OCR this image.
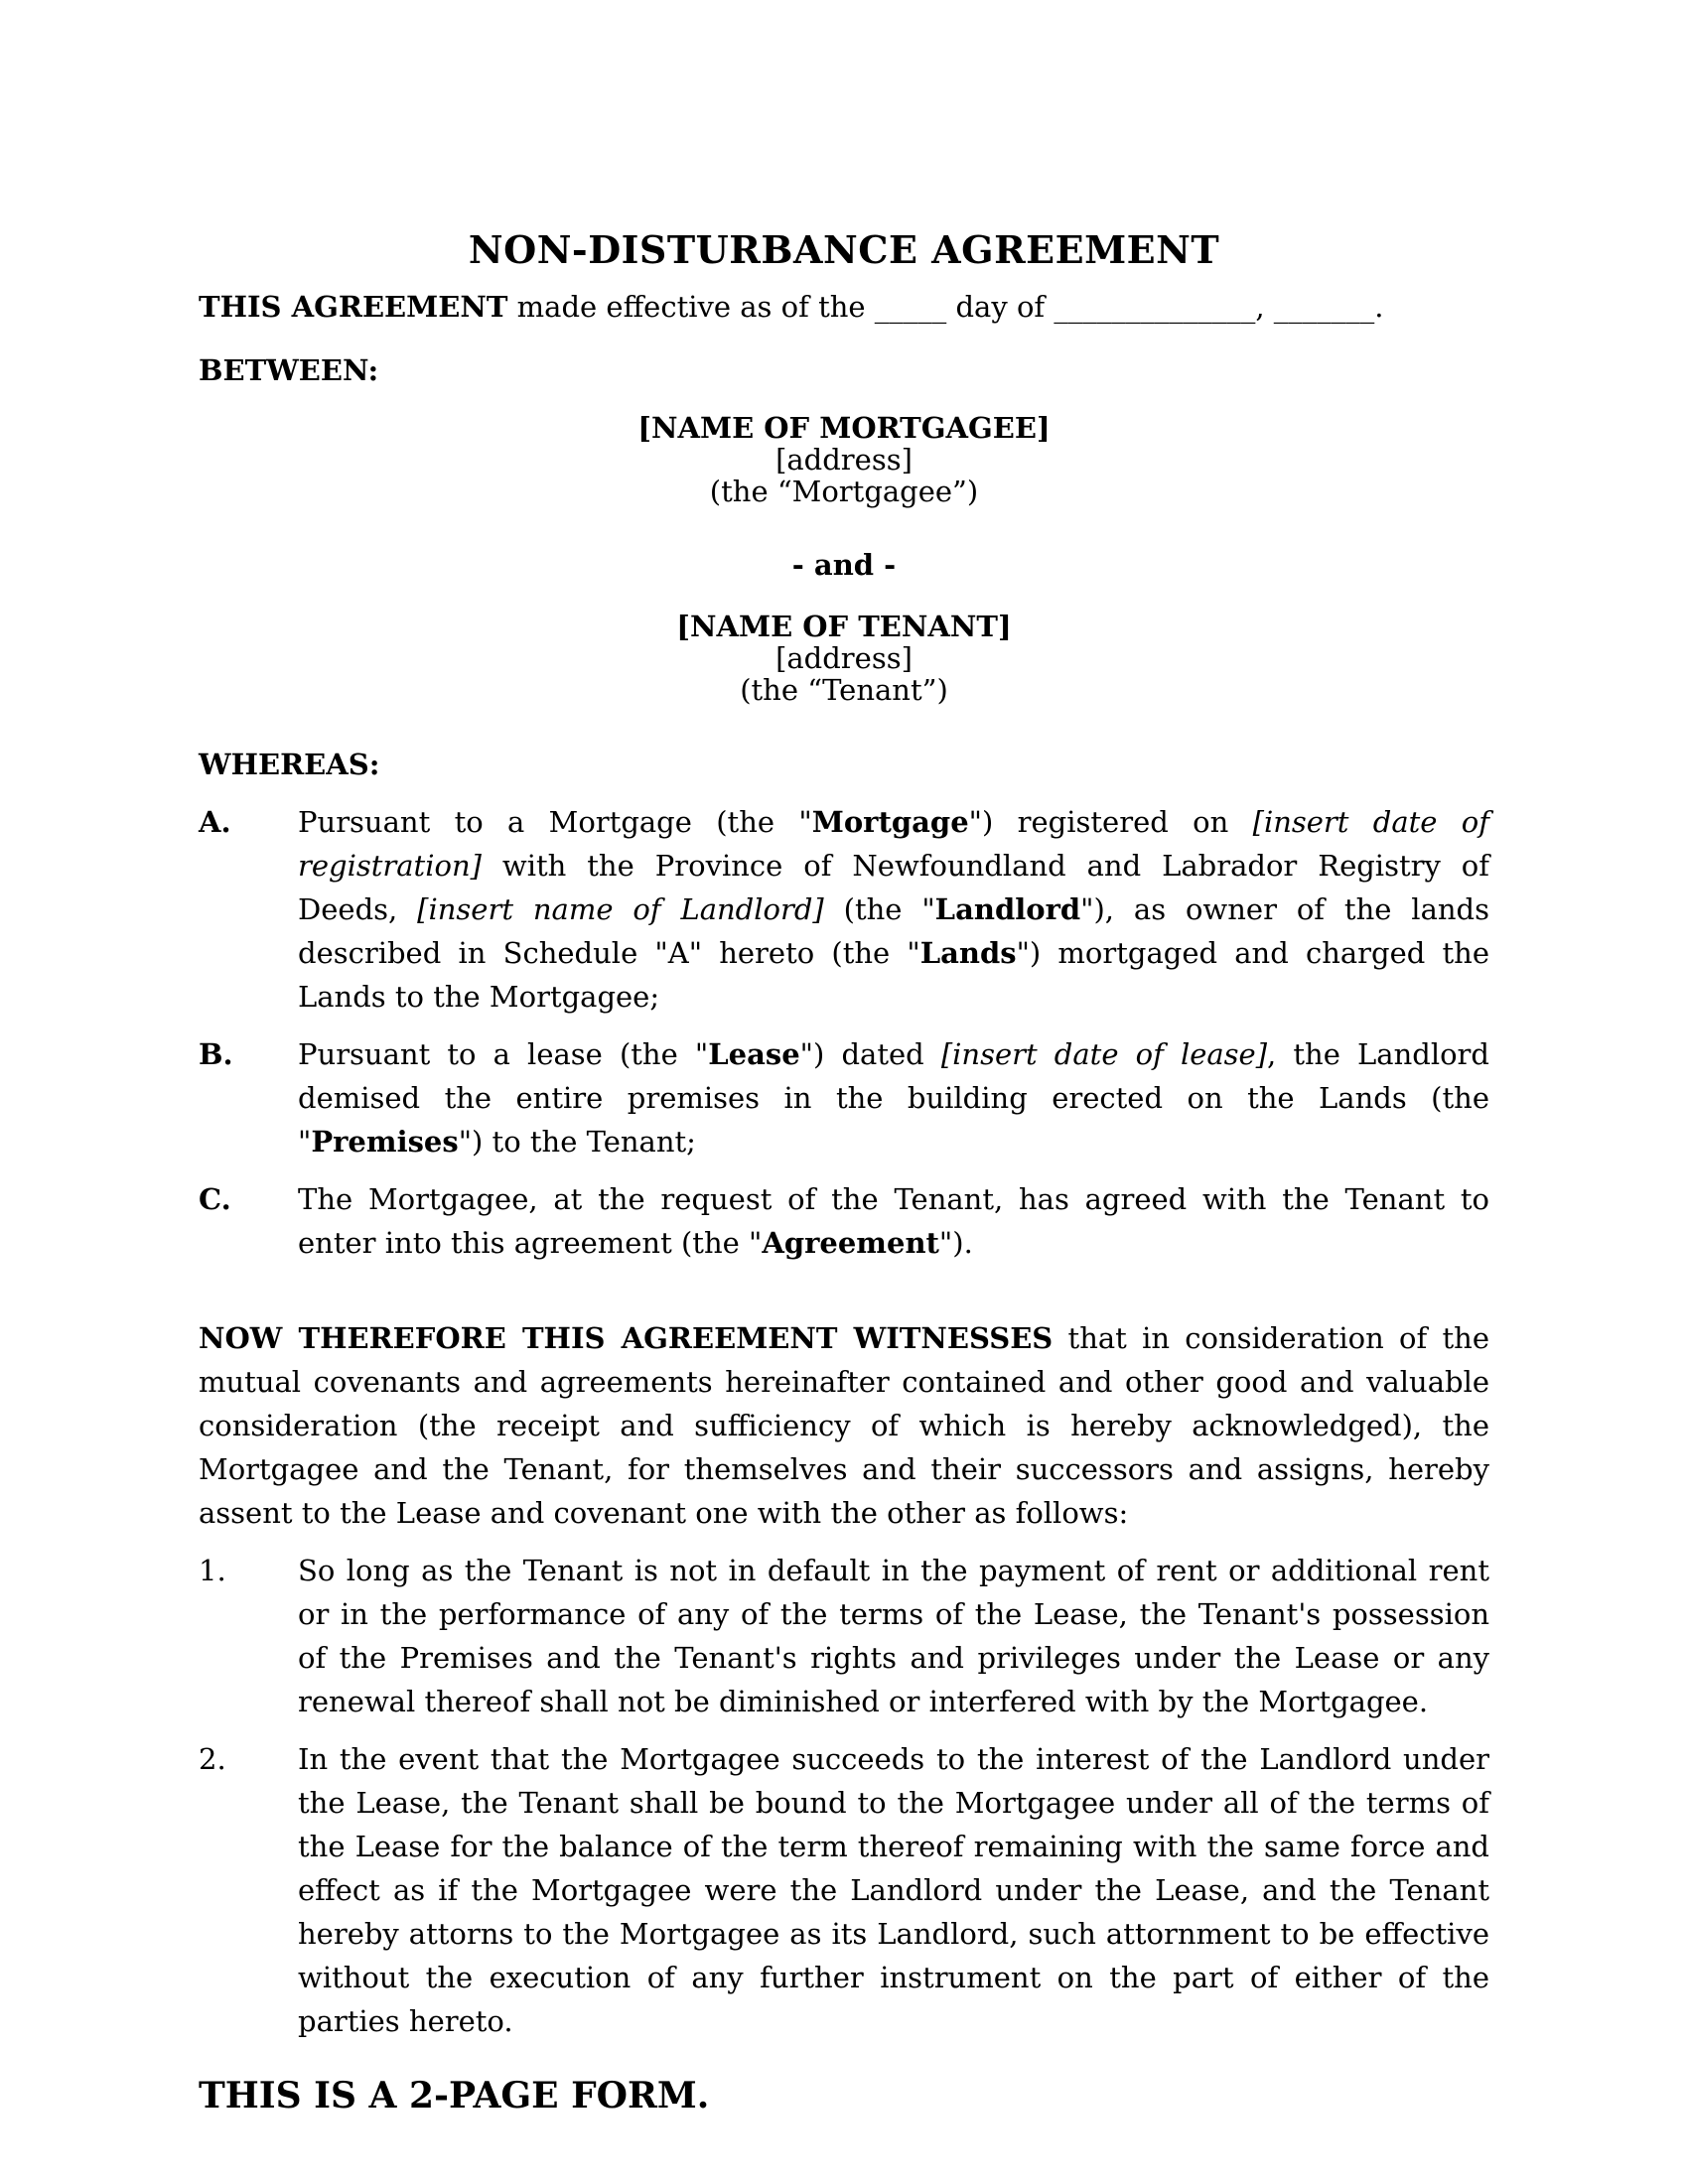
NON-DISTURBANCE AGREEMENT

THIS AGREEMENT made effective as of the _____ day of ______________, _______.

BETWEEN:

[NAME OF MORTGAGEE]
[address]
(the “Mortgagee”)
- and -
[NAME OF TENANT]
[address]
(the “Tenant”)

WHEREAS:

A.	Pursuant to a Mortgage (the "Mortgage") registered on [insert date of registration] with the Province of Newfoundland and Labrador Registry of Deeds, [insert name of Landlord] (the "Landlord"), as owner of the lands described in Schedule "A" hereto (the "Lands") mortgaged and charged the Lands to the Mortgagee;
B.	Pursuant to a lease (the "Lease") dated [insert date of lease], the Landlord demised the entire premises in the building erected on the Lands (the "Premises") to the Tenant;
C.	The Mortgagee, at the request of the Tenant, has agreed with the Tenant to enter into this agreement (the "Agreement").

NOW THEREFORE THIS AGREEMENT WITNESSES that in consideration of the mutual covenants and agreements hereinafter contained and other good and valuable consideration (the receipt and sufficiency of which is hereby acknowledged), the Mortgagee and the Tenant, for themselves and their successors and assigns, hereby assent to the Lease and covenant one with the other as follows:

1.	So long as the Tenant is not in default in the payment of rent or additional rent or in the performance of any of the terms of the Lease, the Tenant's possession of the Premises and the Tenant's rights and privileges under the Lease or any renewal thereof shall not be diminished or interfered with by the Mortgagee.
2.	In the event that the Mortgagee succeeds to the interest of the Landlord under the Lease, the Tenant shall be bound to the Mortgagee under all of the terms of the Lease for the balance of the term thereof remaining with the same force and effect as if the Mortgagee were the Landlord under the Lease, and the Tenant hereby attorns to the Mortgagee as its Landlord, such attornment to be effective without the execution of any further instrument on the part of either of the parties hereto.

THIS IS A 2-PAGE FORM.
